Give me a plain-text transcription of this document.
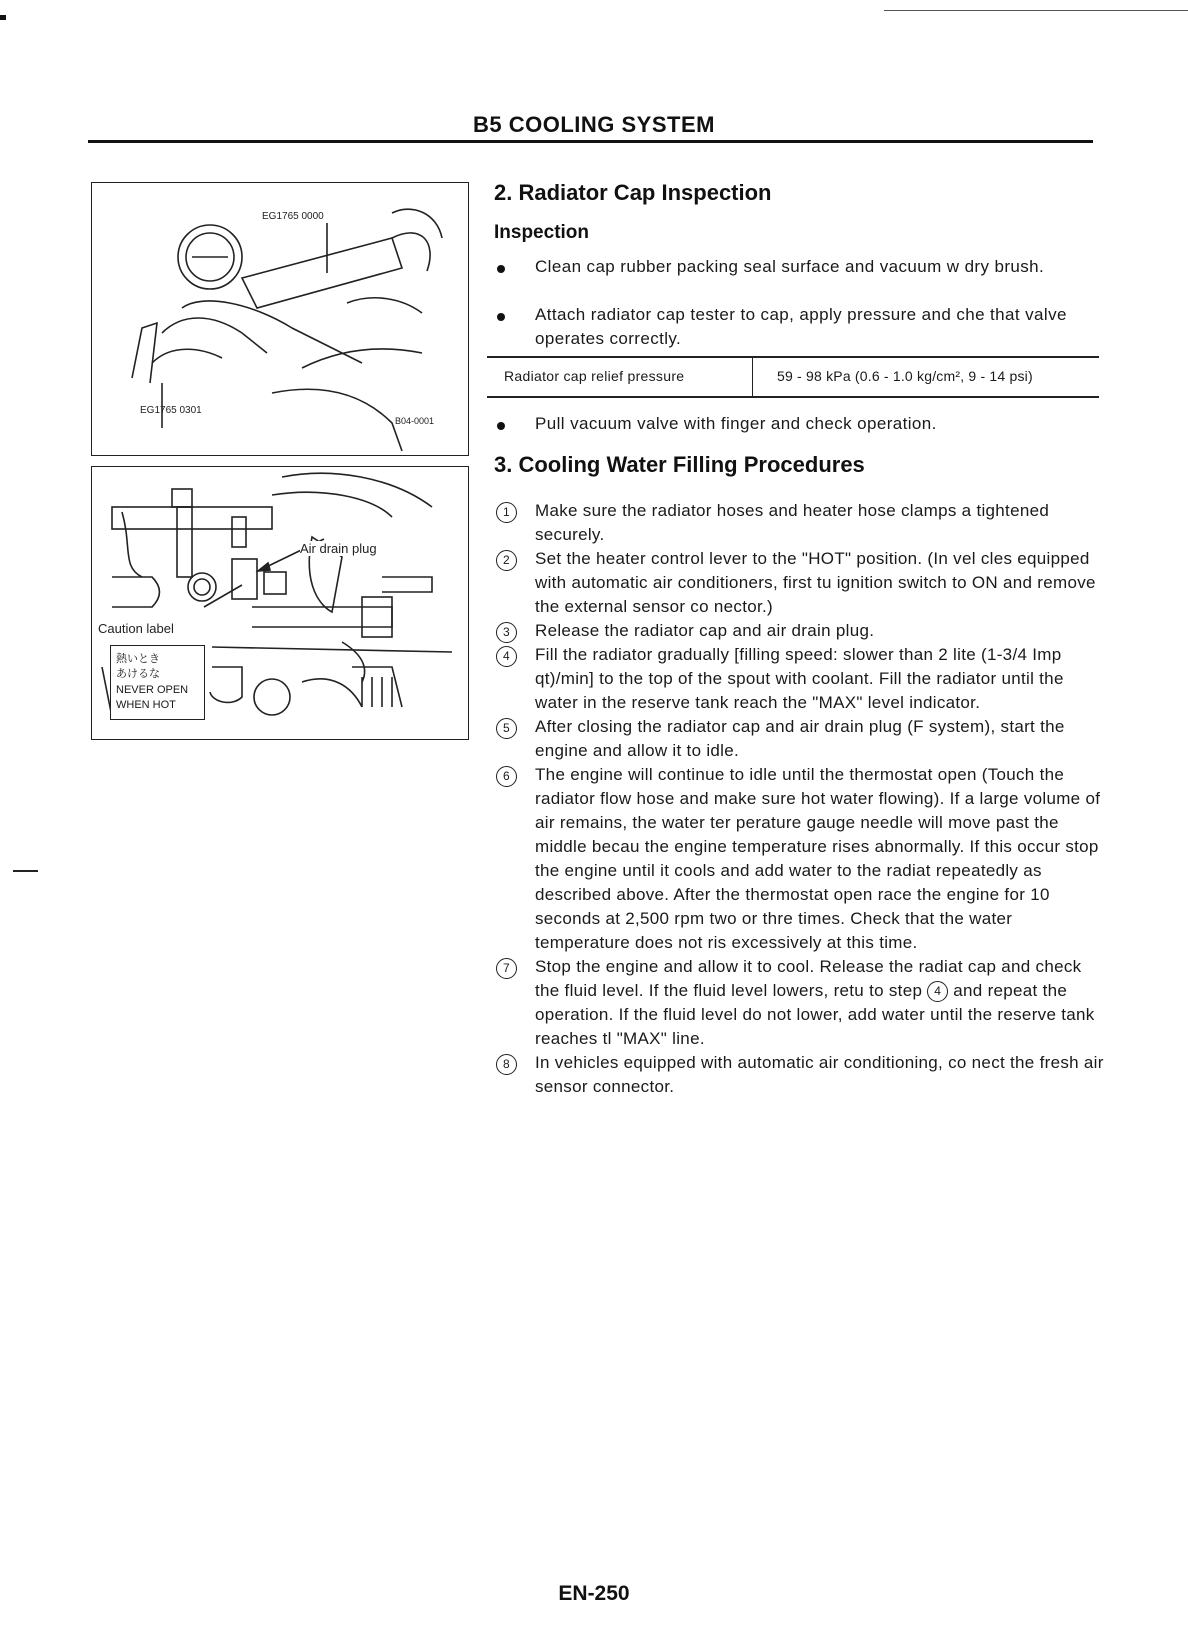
B5 COOLING SYSTEM
EG1765 0000
EG1765 0301
B04-0001
Air drain plug
Caution label
熱いとき
あけるな
NEVER OPEN
WHEN HOT
2. Radiator Cap Inspection
Inspection
Clean cap rubber packing seal surface and vacuum w dry brush.
Attach radiator cap tester to cap, apply pressure and che that valve operates correctly.
Radiator cap relief pressure	59 - 98 kPa (0.6 - 1.0 kg/cm², 9 - 14 psi)
Pull vacuum valve with finger and check operation.
3. Cooling Water Filling Procedures
1	Make sure the radiator hoses and heater hose clamps a tightened securely.
2	Set the heater control lever to the "HOT" position. (In vel cles equipped with automatic air conditioners, first tu ignition switch to ON and remove the external sensor co nector.)
3	Release the radiator cap and air drain plug.
4	Fill the radiator gradually [filling speed: slower than 2 lite (1-3/4 Imp qt)/min] to the top of the spout with coolant. Fill the radiator until the water in the reserve tank reach the "MAX" level indicator.
5	After closing the radiator cap and air drain plug (F system), start the engine and allow it to idle.
6	The engine will continue to idle until the thermostat open (Touch the radiator flow hose and make sure hot water flowing). If a large volume of air remains, the water ter perature gauge needle will move past the middle becau the engine temperature rises abnormally. If this occur stop the engine until it cools and add water to the radiat repeatedly as described above. After the thermostat open race the engine for 10 seconds at 2,500 rpm two or thre times. Check that the water temperature does not ris excessively at this time.
7	Stop the engine and allow it to cool. Release the radiat cap and check the fluid level. If the fluid level lowers, retu to step 4 and repeat the operation. If the fluid level do not lower, add water until the reserve tank reaches tl "MAX" line.
8	In vehicles equipped with automatic air conditioning, co nect the fresh air sensor connector.
EN-250
